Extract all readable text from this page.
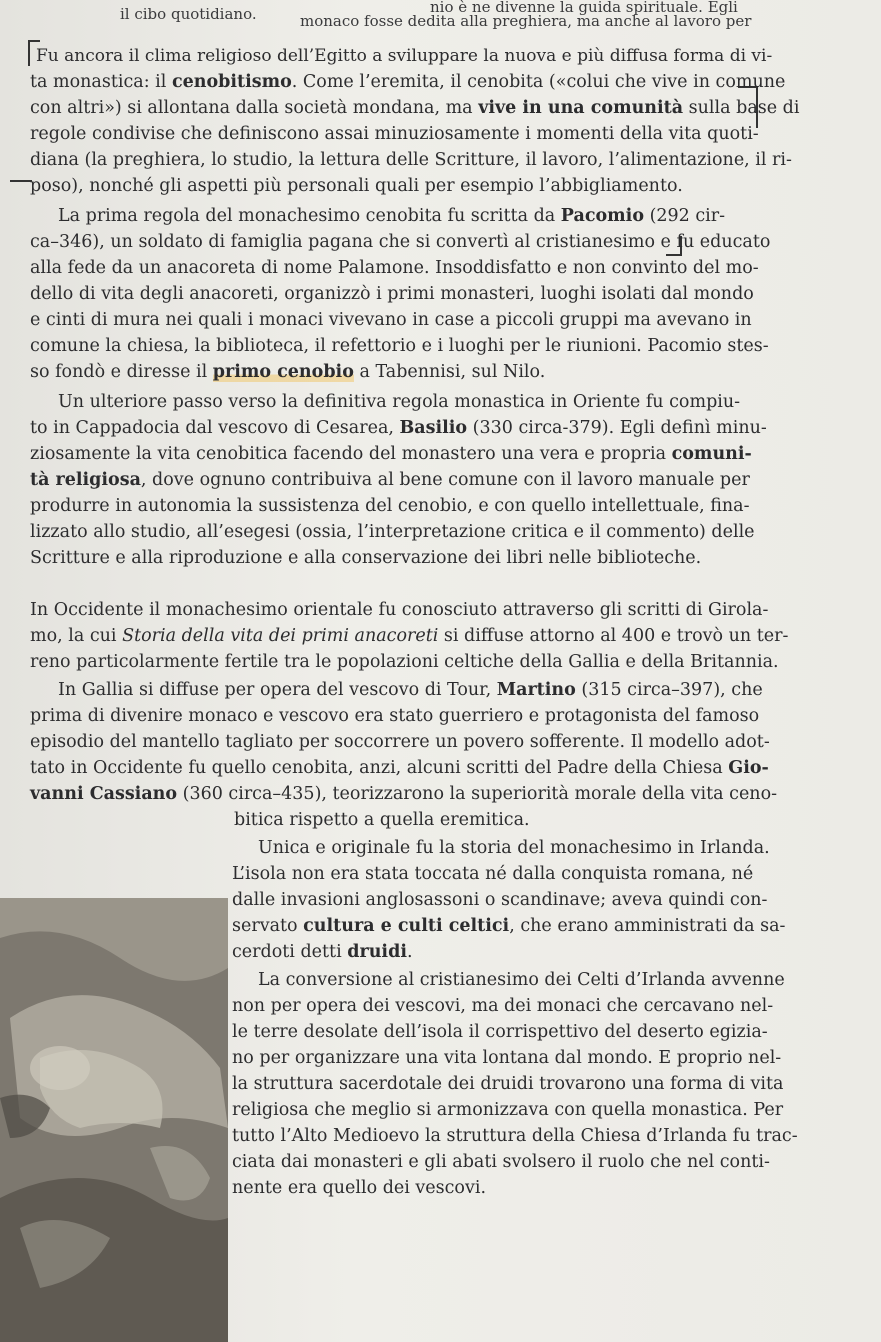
nio è ne divenne la guida spirituale. Egli
monaco fosse dedita alla preghiera, ma anche al lavoro per
il cibo quotidiano.
Fu ancora il clima religioso dell’Egitto a sviluppare la nuova e più diffusa forma di vi-
ta monastica: il cenobitismo. Come l’eremita, il cenobita («colui che vive in comune
con altri») si allontana dalla società mondana, ma vive in una comunità sulla base di
regole condivise che definiscono assai minuziosamente i momenti della vita quoti-
diana (la preghiera, lo studio, la lettura delle Scritture, il lavoro, l’alimentazione, il ri-
poso), nonché gli aspetti più personali quali per esempio l’abbigliamento.
La prima regola del monachesimo cenobita fu scritta da Pacomio (292 cir-
ca–346), un soldato di famiglia pagana che si convertì al cristianesimo e fu educato
alla fede da un anacoreta di nome Palamone. Insoddisfatto e non convinto del mo-
dello di vita degli anacoreti, organizzò i primi monasteri, luoghi isolati dal mondo
e cinti di mura nei quali i monaci vivevano in case a piccoli gruppi ma avevano in
comune la chiesa, la biblioteca, il refettorio e i luoghi per le riunioni. Pacomio stes-
so fondò e diresse il primo cenobio a Tabennisi, sul Nilo.
Un ulteriore passo verso la definitiva regola monastica in Oriente fu compiu-
to in Cappadocia dal vescovo di Cesarea, Basilio (330 circa-379). Egli definì minu-
ziosamente la vita cenobitica facendo del monastero una vera e propria comuni-
tà religiosa, dove ognuno contribuiva al bene comune con il lavoro manuale per
produrre in autonomia la sussistenza del cenobio, e con quello intellettuale, fina-
lizzato allo studio, all’esegesi (ossia, l’interpretazione critica e il commento) delle
Scritture e alla riproduzione e alla conservazione dei libri nelle biblioteche.
In Occidente il monachesimo orientale fu conosciuto attraverso gli scritti di Girola-
mo, la cui Storia della vita dei primi anacoreti si diffuse attorno al 400 e trovò un ter-
reno particolarmente fertile tra le popolazioni celtiche della Gallia e della Britannia.
In Gallia si diffuse per opera del vescovo di Tour, Martino (315 circa–397), che
prima di divenire monaco e vescovo era stato guerriero e protagonista del famoso
episodio del mantello tagliato per soccorrere un povero sofferente. Il modello adot-
tato in Occidente fu quello cenobita, anzi, alcuni scritti del Padre della Chiesa Gio-
vanni Cassiano (360 circa–435), teorizzarono la superiorità morale della vita ceno-
bitica rispetto a quella eremitica.
Unica e originale fu la storia del monachesimo in Irlanda.
L’isola non era stata toccata né dalla conquista romana, né
dalle invasioni anglosassoni o scandinave; aveva quindi con-
servato cultura e culti celtici, che erano amministrati da sa-
cerdoti detti druidi.
La conversione al cristianesimo dei Celti d’Irlanda avvenne
non per opera dei vescovi, ma dei monaci che cercavano nel-
le terre desolate dell’isola il corrispettivo del deserto egizia-
no per organizzare una vita lontana dal mondo. E proprio nel-
la struttura sacerdotale dei druidi trovarono una forma di vita
religiosa che meglio si armonizzava con quella monastica. Per
tutto l’Alto Medioevo la struttura della Chiesa d’Irlanda fu trac-
ciata dai monasteri e gli abati svolsero il ruolo che nel conti-
nente era quello dei vescovi.
